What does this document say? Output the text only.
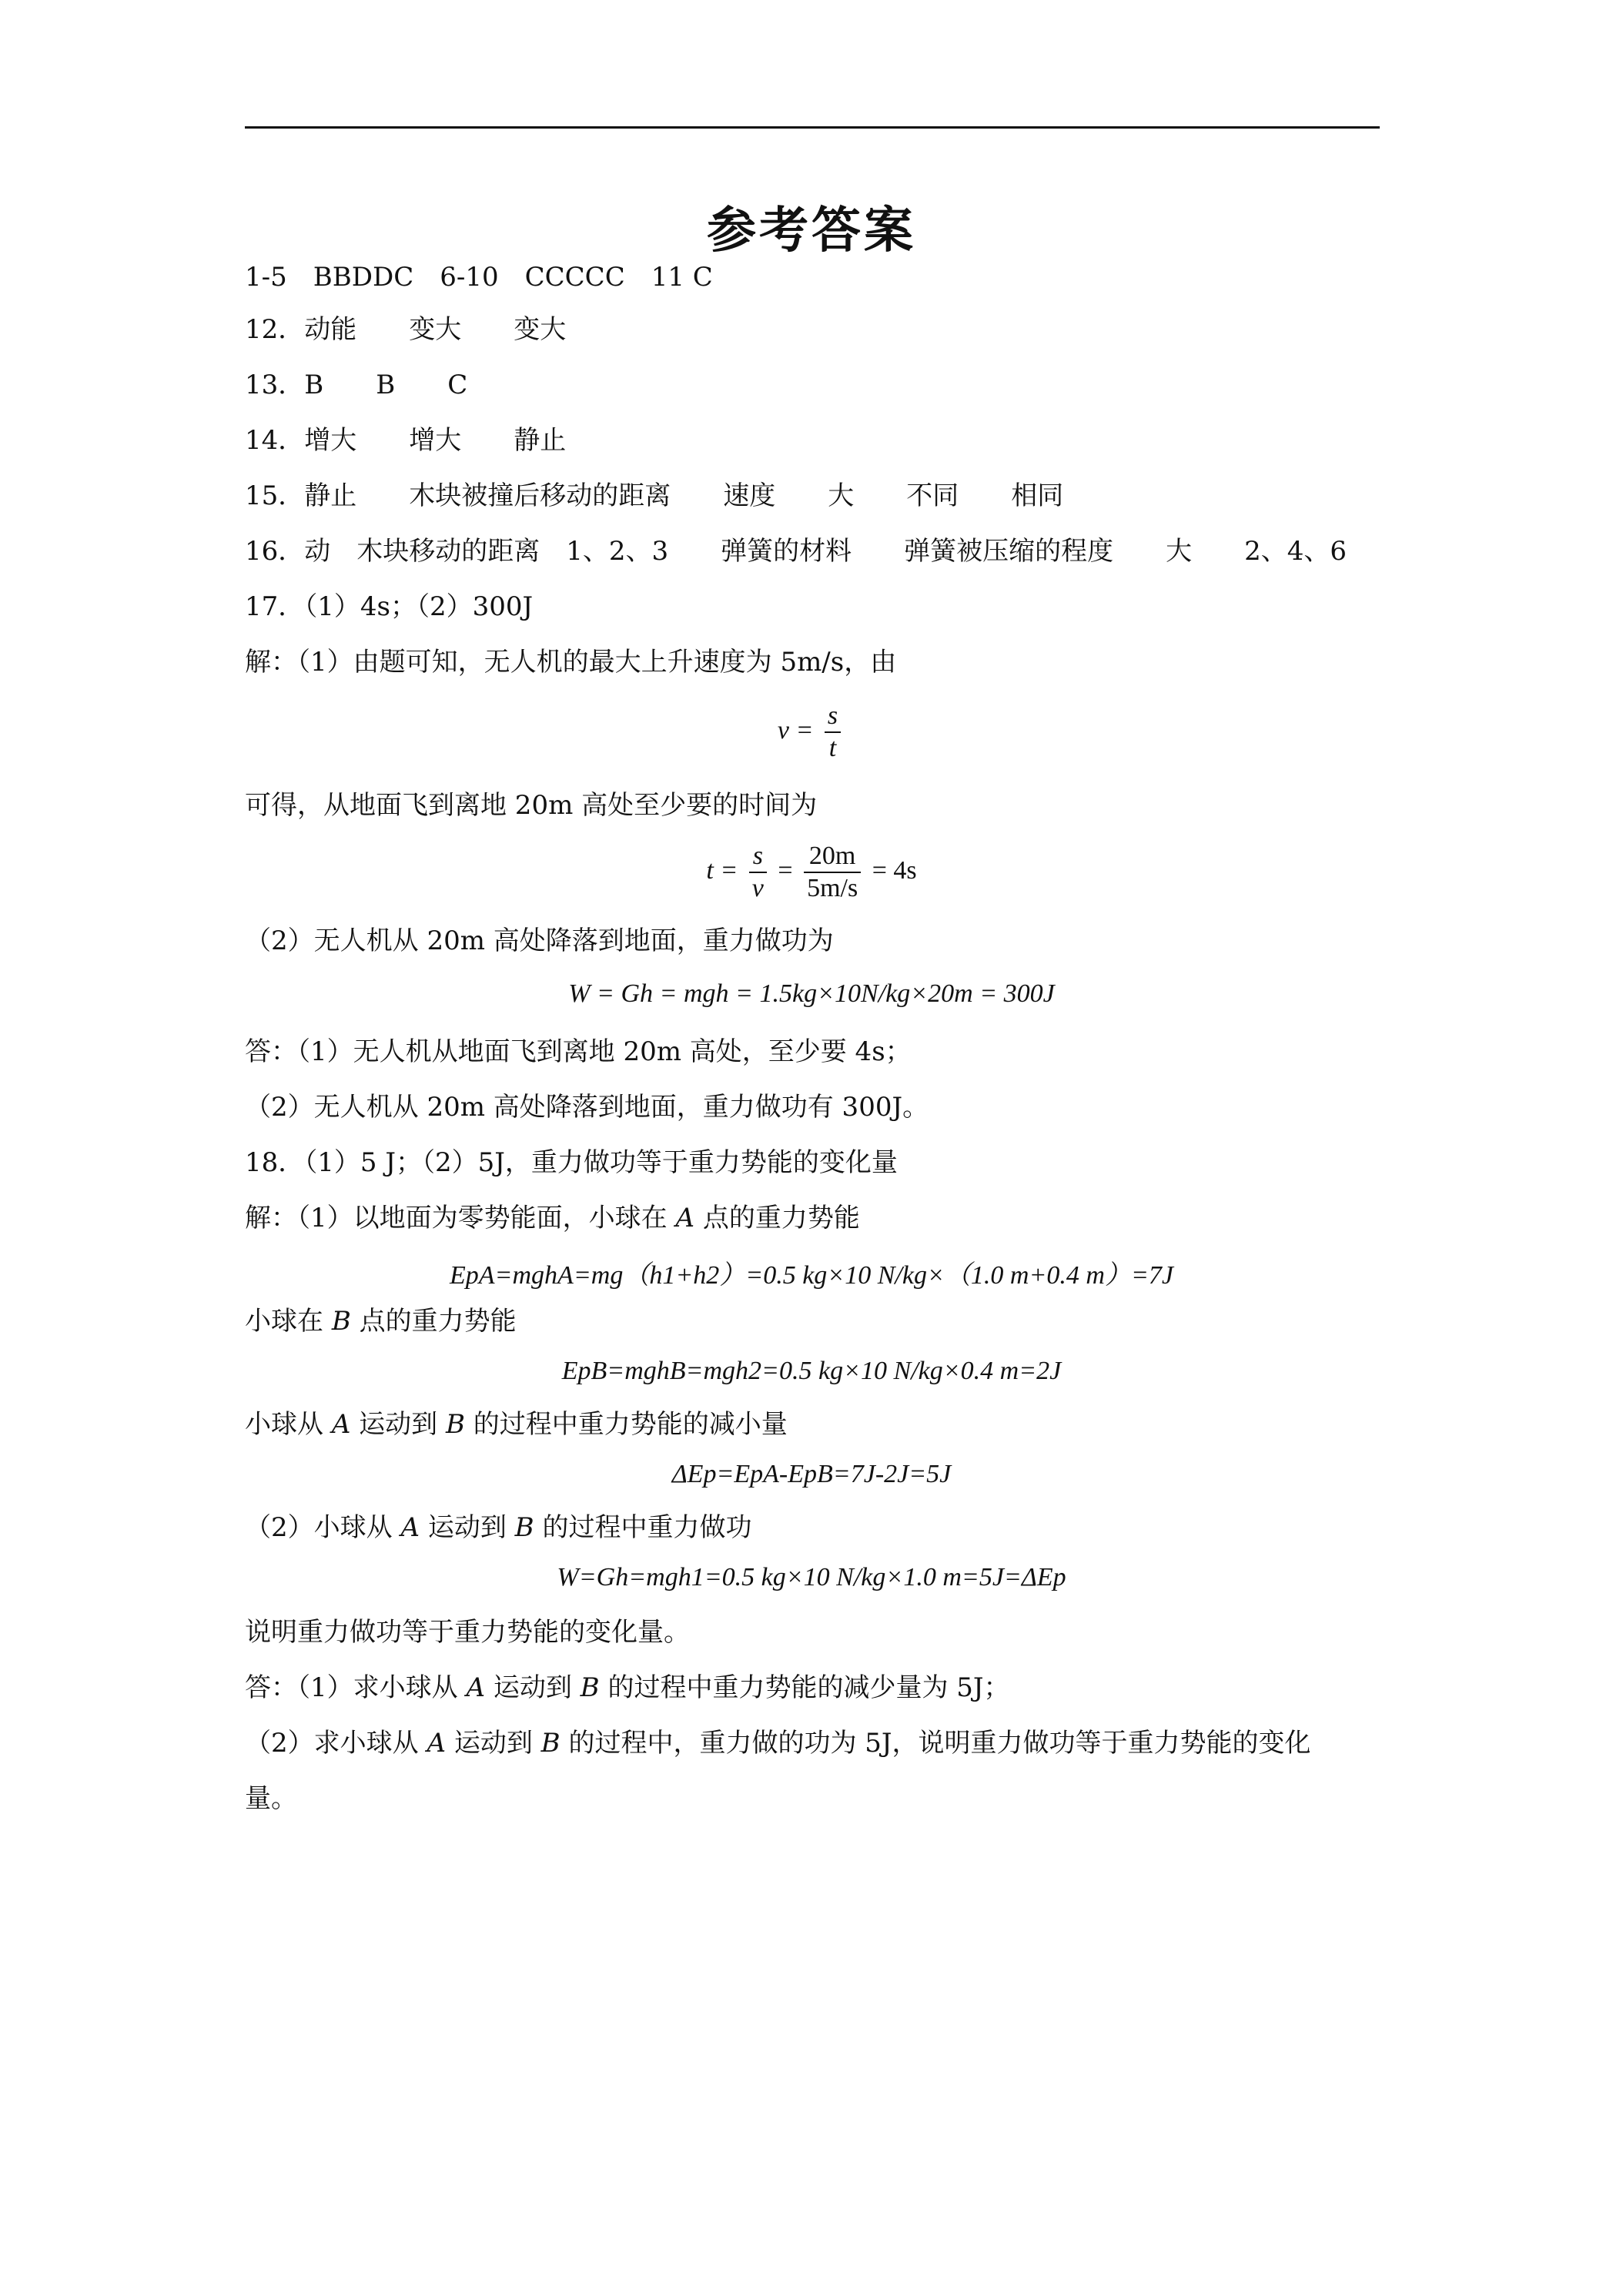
参考答案
1-5　BBDDC　6-10　CCCCC　11 C
12．动能　　变大　　变大
13．B　　B　　C
14．增大　　增大　　静止
15．静止　　木块被撞后移动的距离　　速度　　大　　不同　　相同
16．动　木块移动的距离　1、2、3　　弹簧的材料　　弹簧被压缩的程度　　大　　2、4、6
17．（1）4s；（2）300J
解：（1）由题可知，无人机的最大上升速度为 5m/s，由
$v = \frac{s}{t}$
可得，从地面飞到离地 20m 高处至少要的时间为
$t = \frac{s}{v} = \frac{20m}{5m/s} = 4s$
（2）无人机从 20m 高处降落到地面，重力做功为
W = Gh = mgh = 1.5kg×10N/kg×20m = 300J
答：（1）无人机从地面飞到离地 20m 高处，至少要 4s；
（2）无人机从 20m 高处降落到地面，重力做功有 300J。
18．（1）5 J；（2）5J，重力做功等于重力势能的变化量
解：（1）以地面为零势能面，小球在 A 点的重力势能
EpA=mghA=mg（h1+h2）=0.5 kg×10 N/kg×（1.0 m+0.4 m）=7J
小球在 B 点的重力势能
EpB=mghB=mgh2=0.5 kg×10 N/kg×0.4 m=2J
小球从 A 运动到 B 的过程中重力势能的减小量
ΔEp=EpA-EpB=7J-2J=5J
（2）小球从 A 运动到 B 的过程中重力做功
W=Gh=mgh1=0.5 kg×10 N/kg×1.0 m=5J=ΔEp
说明重力做功等于重力势能的变化量。
答：（1）求小球从 A 运动到 B 的过程中重力势能的减少量为 5J；
（2）求小球从 A 运动到 B 的过程中，重力做的功为 5J，说明重力做功等于重力势能的变化
量。
